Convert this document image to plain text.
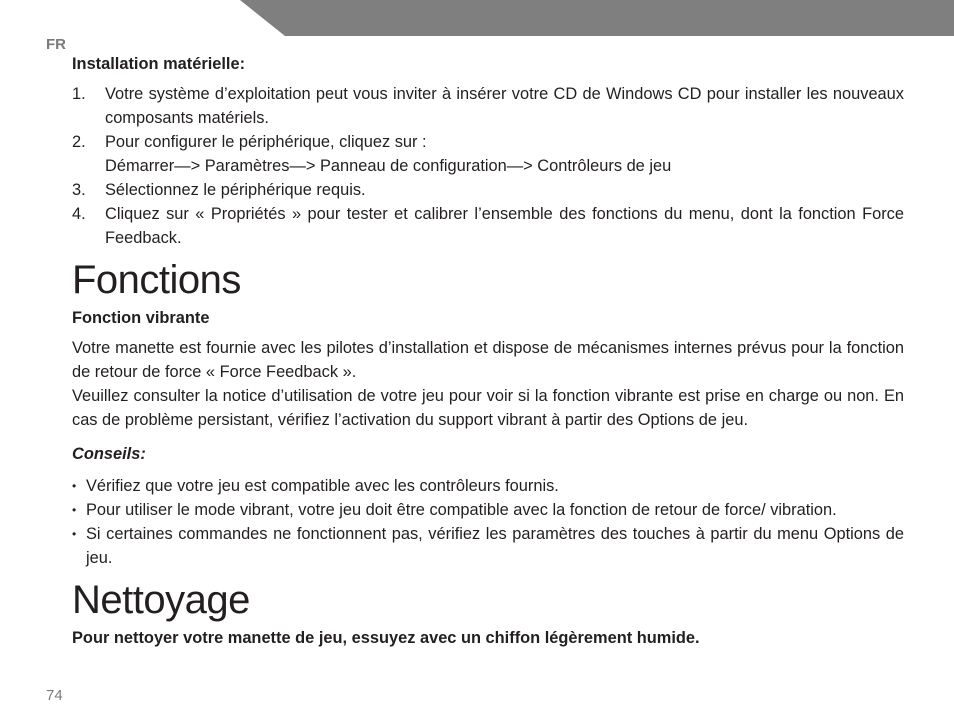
FR

Installation matérielle:

1. Votre système d’exploitation peut vous inviter à insérer votre CD de Windows CD pour installer les nouveaux composants matériels.
2. Pour configurer le périphérique, cliquez sur :
Démarrer—> Paramètres—> Panneau de configuration—> Contrôleurs de jeu
3. Sélectionnez le périphérique requis.
4. Cliquez sur « Propriétés » pour tester et calibrer l’ensemble des fonctions du menu, dont la fonction Force Feedback.
Fonctions

Fonction vibrante

Votre manette est fournie avec les pilotes d’installation et dispose de mécanismes internes prévus pour la fonction de retour de force « Force Feedback ».

Veuillez consulter la notice d’utilisation de votre jeu pour voir si la fonction vibrante est prise en charge ou non. En cas de problème persistant, vérifiez l’activation du support vibrant à partir des Options de jeu.

Conseils:

• Vérifiez que votre jeu est compatible avec les contrôleurs fournis.
• Pour utiliser le mode vibrant, votre jeu doit être compatible avec la fonction de retour de force/ vibration.
• Si certaines commandes ne fonctionnent pas, vérifiez les paramètres des touches à partir du menu Options de jeu.
Nettoyage

Pour nettoyer votre manette de jeu, essuyez avec un chiffon légèrement humide.

74
